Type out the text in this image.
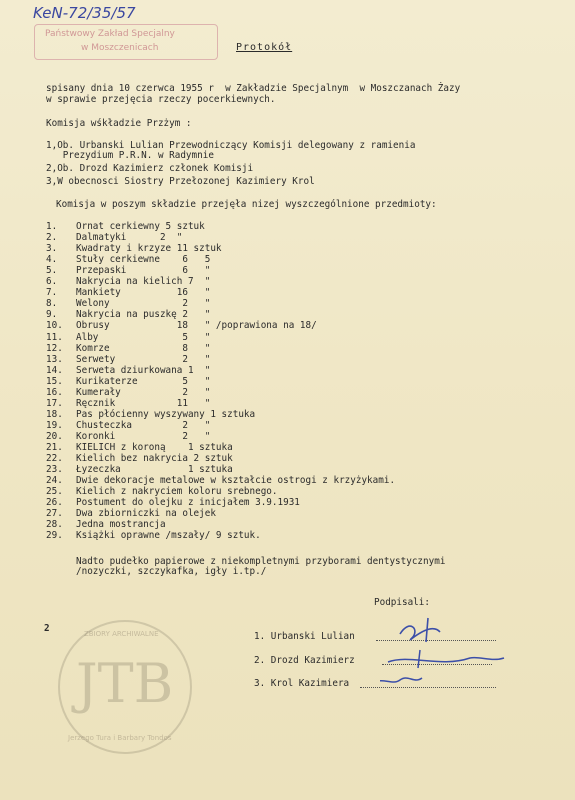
KeN-72/35/57
Państwowy Zakład Specjalny
w Moszczenicach	Protokół
spisany dnia 10 czerwca 1955 r  w Zakładzie Specjalnym  w Moszczanach Żazy
w sprawie przejęcia rzeczy pocerkiewnych.
Komisja wśkładzie Przżym :
1,Ob. Urbanski Lulian Przewodniczący Komisji delegowany z ramienia
Prezydium P.R.N. w Radymnie
2,Ob. Drozd Kazimierz członek Komisji
3,W obecnosci Siostry Przełozonej Kazimiery Krol
Komisja w poszym składzie przejęła nizej wyszczególnione przedmioty:
1. Ornat cerkiewny 5 sztuk
2. Dalmatyki      2  "
3. Kwadraty i krzyze 11 sztuk
4. Stuły cerkiewne    6   5
5. Przepaski          6   "
6. Nakrycia na kielich 7  "
7. Mankiety          16   "
8. Welony             2   "
9. Nakrycia na puszkę 2   "
10. Obrusy            18   " /poprawiona na 18/
11. Alby               5   "
12. Komrze             8   "
13. Serwety            2   "
14. Serweta dziurkowana 1  "
15. Kurikaterze        5   "
16. Kumerały           2   "
17. Ręcznik           11   "
18. Pas płócienny wyszywany 1 sztuka
19. Chusteczka         2   "
20. Koronki            2   "
21. KIELICH z koroną    1 sztuka
22. Kielich bez nakrycia 2 sztuk
23. Łyzeczka            1 sztuka
24. Dwie dekoracje metalowe w kształcie ostrogi z krzyżykami.
25. Kielich z nakryciem koloru srebnego.
26. Postument do olejku z inicjałem 3.9.1931
27. Dwa zbiorniczki na olejek
28. Jedna mostrancja
29. Książki oprawne /mszały/ 9 sztuk.
Nadto pudełko papierowe z niekompletnymi przyborami dentystycznymi
/nozyczki, szczykafka, igły i.tp./
Podpisali:
2
1. Urbanski Lulian
2. Drozd Kazimierz
3. Krol Kazimiera
JTB
ZBIORY ARCHIWALNE
Jerzego Tura i Barbary Tondos
